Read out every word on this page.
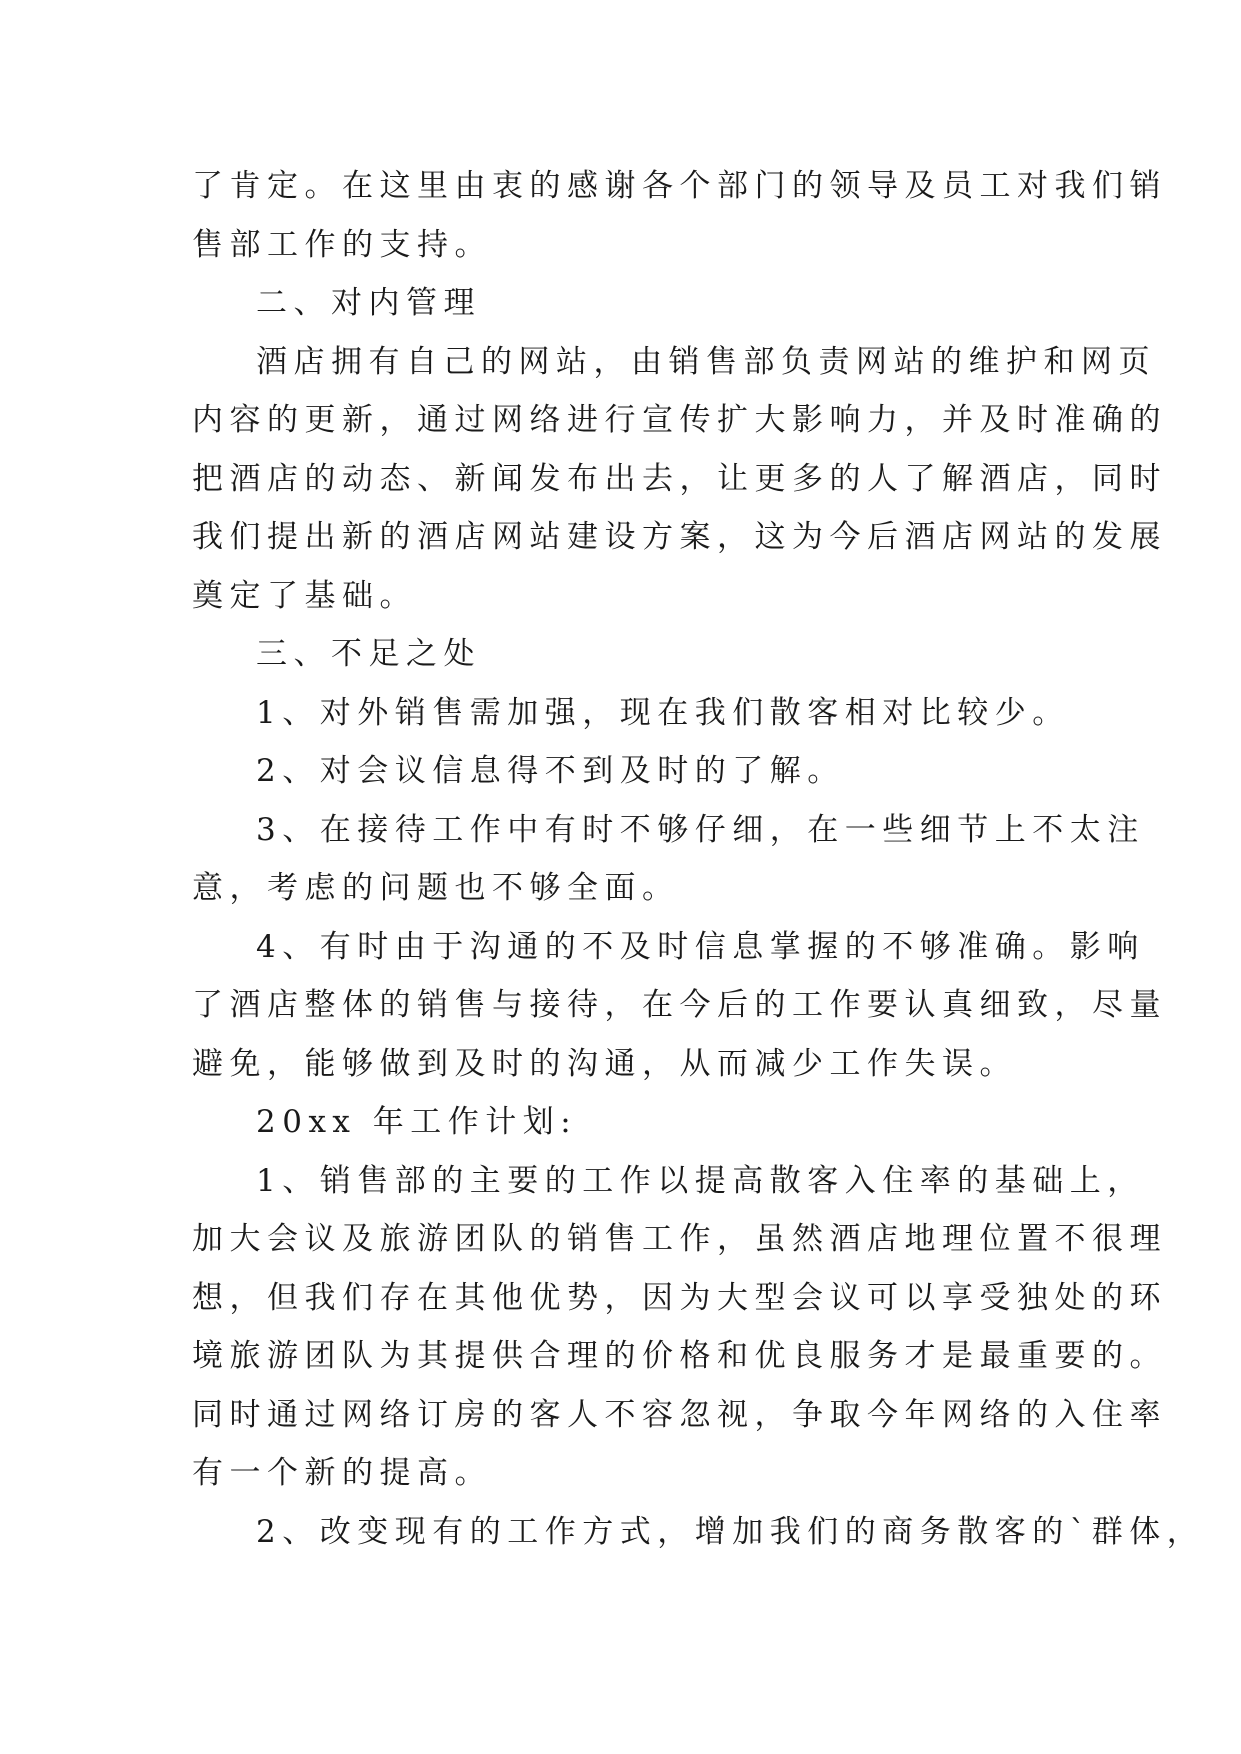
了肯定。在这里由衷的感谢各个部门的领导及员工对我们销
售部工作的支持。
二、对内管理
酒店拥有自己的网站，由销售部负责网站的维护和网页
内容的更新，通过网络进行宣传扩大影响力，并及时准确的
把酒店的动态、新闻发布出去，让更多的人了解酒店，同时
我们提出新的酒店网站建设方案，这为今后酒店网站的发展
奠定了基础。
三、不足之处
1、对外销售需加强，现在我们散客相对比较少。
2、对会议信息得不到及时的了解。
3、在接待工作中有时不够仔细，在一些细节上不太注
意，考虑的问题也不够全面。
4、有时由于沟通的不及时信息掌握的不够准确。影响
了酒店整体的销售与接待，在今后的工作要认真细致，尽量
避免，能够做到及时的沟通，从而减少工作失误。
20xx 年工作计划:
1、销售部的主要的工作以提高散客入住率的基础上，
加大会议及旅游团队的销售工作，虽然酒店地理位置不很理
想，但我们存在其他优势，因为大型会议可以享受独处的环
境旅游团队为其提供合理的价格和优良服务才是最重要的。
同时通过网络订房的客人不容忽视，争取今年网络的入住率
有一个新的提高。
2、改变现有的工作方式，增加我们的商务散客的`群体，
